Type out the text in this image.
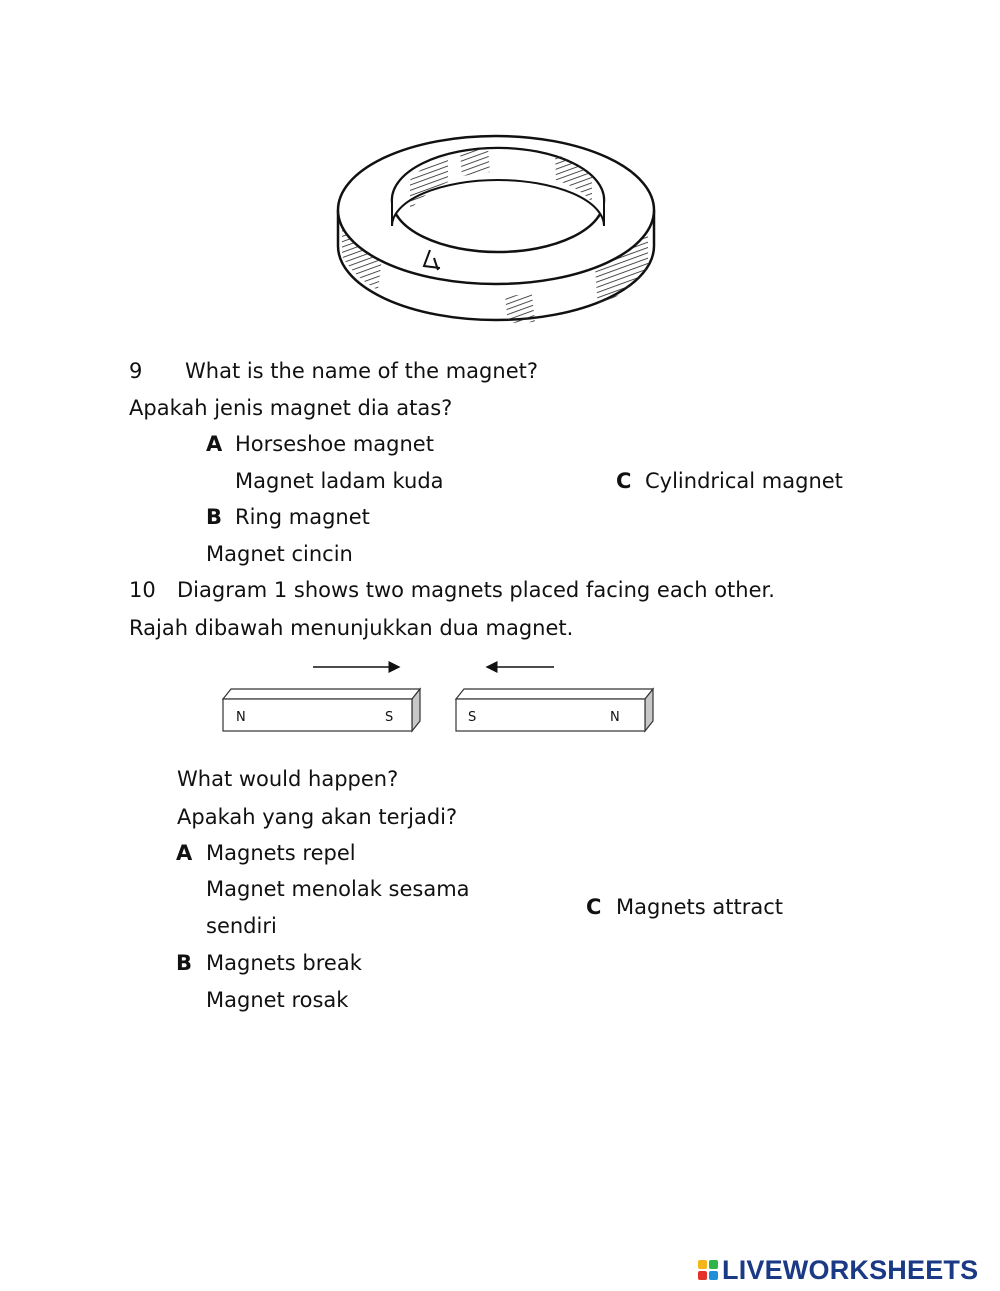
9 What is the name of the magnet?
Apakah jenis magnet dia atas?
A Horseshoe magnet
Magnet ladam kuda	C Cylindrical magnet
B Ring magnet
Magnet cincin
10 Diagram 1 shows two magnets placed facing each other.
Rajah dibawah menunjukkan dua magnet.
N	S	S	N
What would happen?
Apakah yang akan terjadi?
A Magnets repel
Magnet menolak sesama
sendiri
C Magnets attract
B Magnets break
Magnet rosak
LIVEWORKSHEETS
